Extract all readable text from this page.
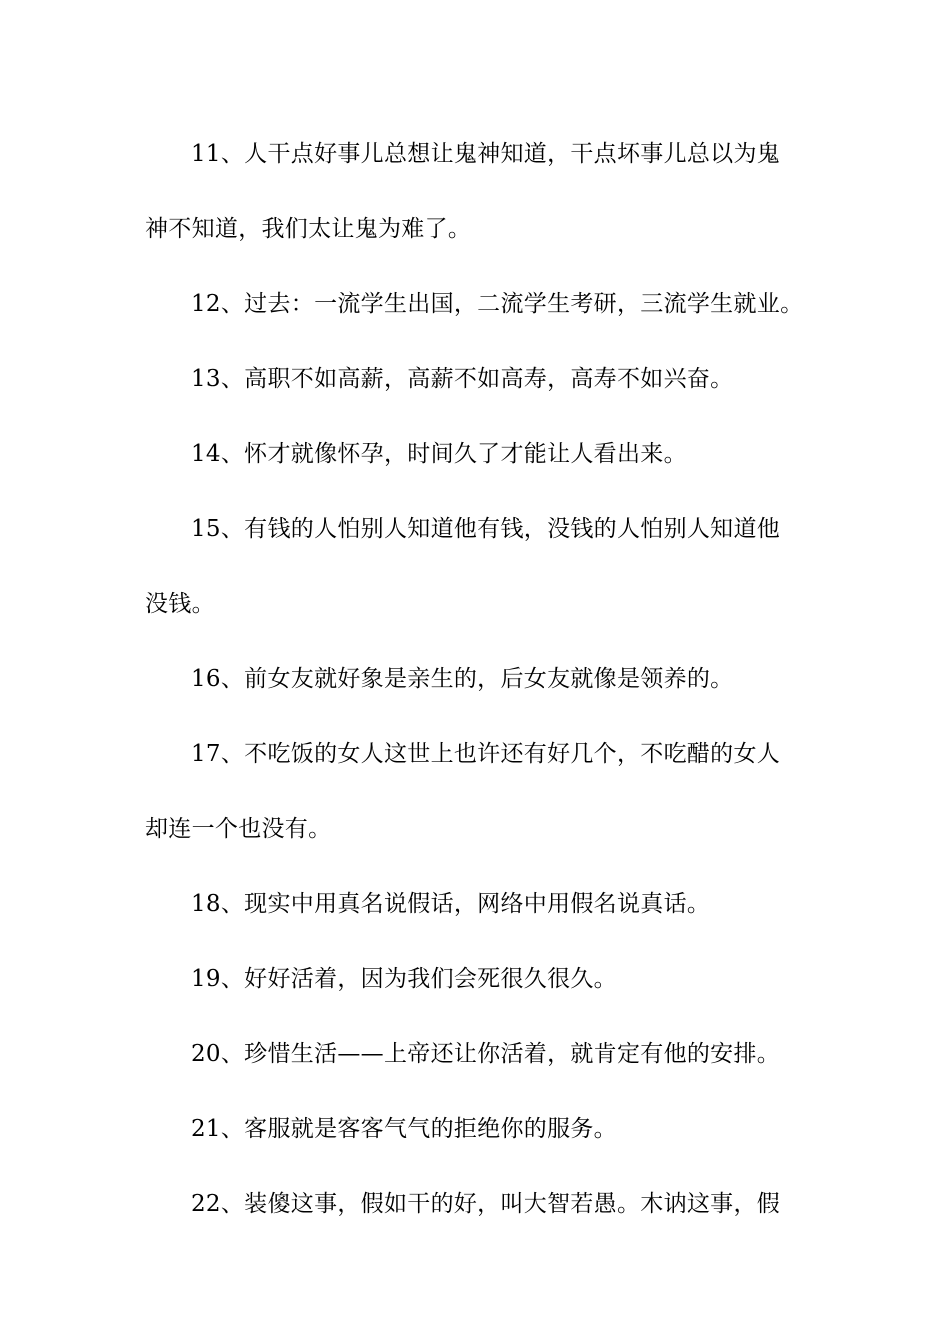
11、人干点好事儿总想让鬼神知道，干点坏事儿总以为鬼
神不知道，我们太让鬼为难了。
12、过去：一流学生出国，二流学生考研，三流学生就业。
13、高职不如高薪，高薪不如高寿，高寿不如兴奋。
14、怀才就像怀孕，时间久了才能让人看出来。
15、有钱的人怕别人知道他有钱，没钱的人怕别人知道他
没钱。
16、前女友就好象是亲生的，后女友就像是领养的。
17、不吃饭的女人这世上也许还有好几个，不吃醋的女人
却连一个也没有。
18、现实中用真名说假话，网络中用假名说真话。
19、好好活着，因为我们会死很久很久。
20、珍惜生活——上帝还让你活着，就肯定有他的安排。
21、客服就是客客气气的拒绝你的服务。
22、装傻这事，假如干的好，叫大智若愚。木讷这事，假
